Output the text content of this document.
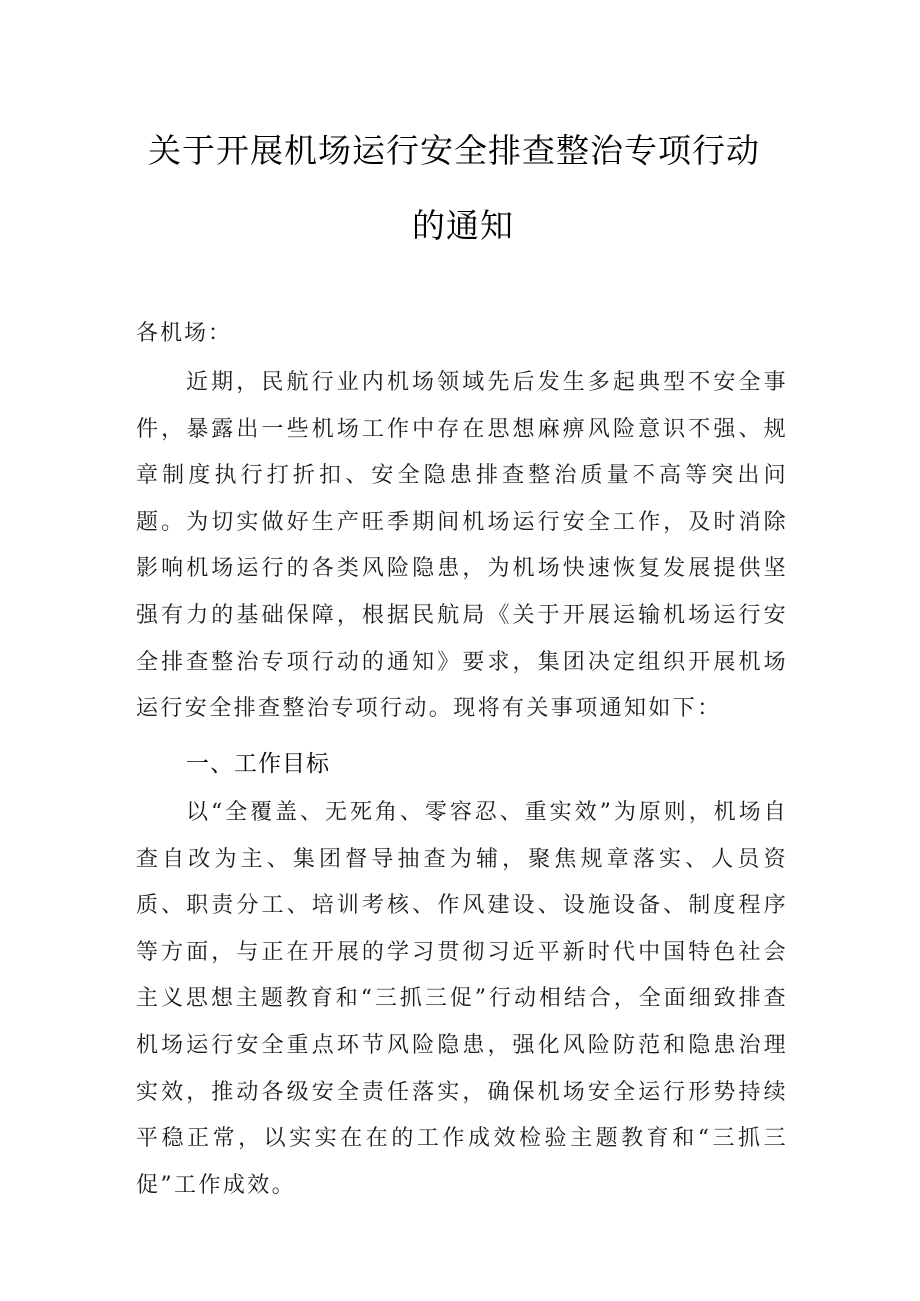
关于开展机场运行安全排查整治专项行动
的通知
各机场：

近期，民航行业内机场领域先后发生多起典型不安全事件，暴露出一些机场工作中存在思想麻痹风险意识不强、规章制度执行打折扣、安全隐患排查整治质量不高等突出问题。为切实做好生产旺季期间机场运行安全工作，及时消除影响机场运行的各类风险隐患，为机场快速恢复发展提供坚强有力的基础保障，根据民航局《关于开展运输机场运行安全排查整治专项行动的通知》要求，集团决定组织开展机场运行安全排查整治专项行动。现将有关事项通知如下：

一、工作目标

以“全覆盖、无死角、零容忍、重实效”为原则，机场自查自改为主、集团督导抽查为辅，聚焦规章落实、人员资质、职责分工、培训考核、作风建设、设施设备、制度程序等方面，与正在开展的学习贯彻习近平新时代中国特色社会主义思想主题教育和“三抓三促”行动相结合，全面细致排查机场运行安全重点环节风险隐患，强化风险防范和隐患治理实效，推动各级安全责任落实，确保机场安全运行形势持续平稳正常，以实实在在的工作成效检验主题教育和“三抓三促”工作成效。
